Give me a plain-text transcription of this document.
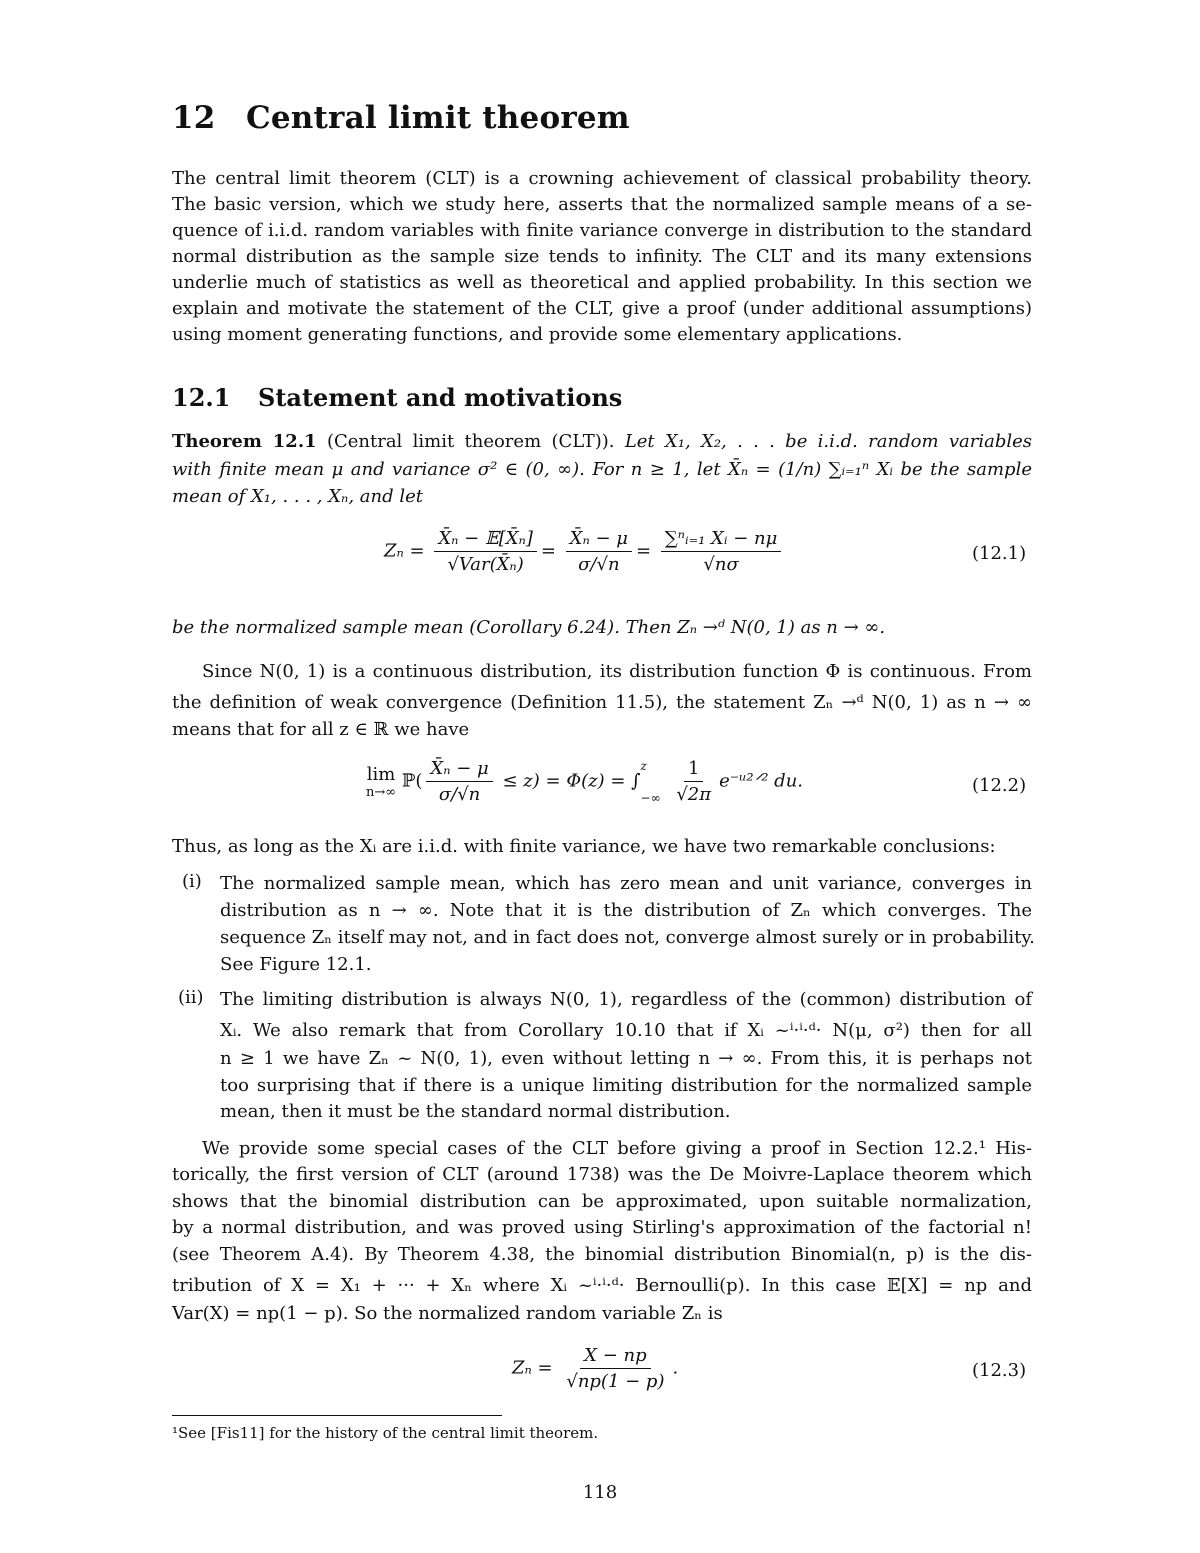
12 Central limit theorem
The central limit theorem (CLT) is a crowning achievement of classical probability theory.
The basic version, which we study here, asserts that the normalized sample means of a se-
quence of i.i.d. random variables with finite variance converge in distribution to the standard
normal distribution as the sample size tends to infinity. The CLT and its many extensions
underlie much of statistics as well as theoretical and applied probability. In this section we
explain and motivate the statement of the CLT, give a proof (under additional assumptions)
using moment generating functions, and provide some elementary applications.
12.1 Statement and motivations
Theorem 12.1 (Central limit theorem (CLT)). Let X₁, X₂, . . . be i.i.d. random variables
with finite mean μ and variance σ² ∈ (0, ∞). For n ≥ 1, let X̄ₙ = (1/n) ∑ᵢ₌₁ⁿ Xᵢ be the sample
mean of X₁, . . . , Xₙ, and let
$Z_n = \frac{\text{X̄ₙ − 𝔼[X̄ₙ]}}{\text{√Var(X̄ₙ)}} = \frac{\text{X̄ₙ − μ}}{\sigma/√n} = \frac{\text{∑ⁿᵢ₌₁ Xᵢ − nμ}}{√n\sigma}$	(12.1)
be the normalized sample mean (Corollary 6.24). Then Zₙ →ᵈ N(0, 1) as n → ∞.
Since N(0, 1) is a continuous distribution, its distribution function Φ is continuous. From
the definition of weak convergence (Definition 11.5), the statement Zₙ →ᵈ N(0, 1) as n → ∞
means that for all z ∈ ℝ we have
lim
n→∞
ℙ( $\frac{\text{X̄ₙ − μ}}{\sigma/√n} \le z) = \Phi(z)$ = ∫
z
−∞
$\frac{1}{√2\pi}$ e⁻ᵘ²ᐟ² du.	(12.2)
Thus, as long as the Xᵢ are i.i.d. with finite variance, we have two remarkable conclusions:
(i) The normalized sample mean, which has zero mean and unit variance, converges in
distribution as n → ∞. Note that it is the distribution of Zₙ which converges. The
sequence Zₙ itself may not, and in fact does not, converge almost surely or in probability.
See Figure 12.1.
(ii) The limiting distribution is always N(0, 1), regardless of the (common) distribution of
Xᵢ. We also remark that from Corollary 10.10 that if Xᵢ ~ⁱ·ⁱ·ᵈ· N(μ, σ²) then for all
n ≥ 1 we have Zₙ ~ N(0, 1), even without letting n → ∞. From this, it is perhaps not
too surprising that if there is a unique limiting distribution for the normalized sample
mean, then it must be the standard normal distribution.
We provide some special cases of the CLT before giving a proof in Section 12.2.¹ His-
torically, the first version of CLT (around 1738) was the De Moivre-Laplace theorem which
shows that the binomial distribution can be approximated, upon suitable normalization,
by a normal distribution, and was proved using Stirling's approximation of the factorial n!
(see Theorem A.4). By Theorem 4.38, the binomial distribution Binomial(n, p) is the dis-
tribution of X = X₁ + ··· + Xₙ where Xᵢ ~ⁱ·ⁱ·ᵈ· Bernoulli(p). In this case 𝔼[X] = np and
Var(X) = np(1 − p). So the normalized random variable Zₙ is
$Z_n = \frac{X - np}{√np(1 - p)}$ .	(12.3)
¹See [Fis11] for the history of the central limit theorem.
118
